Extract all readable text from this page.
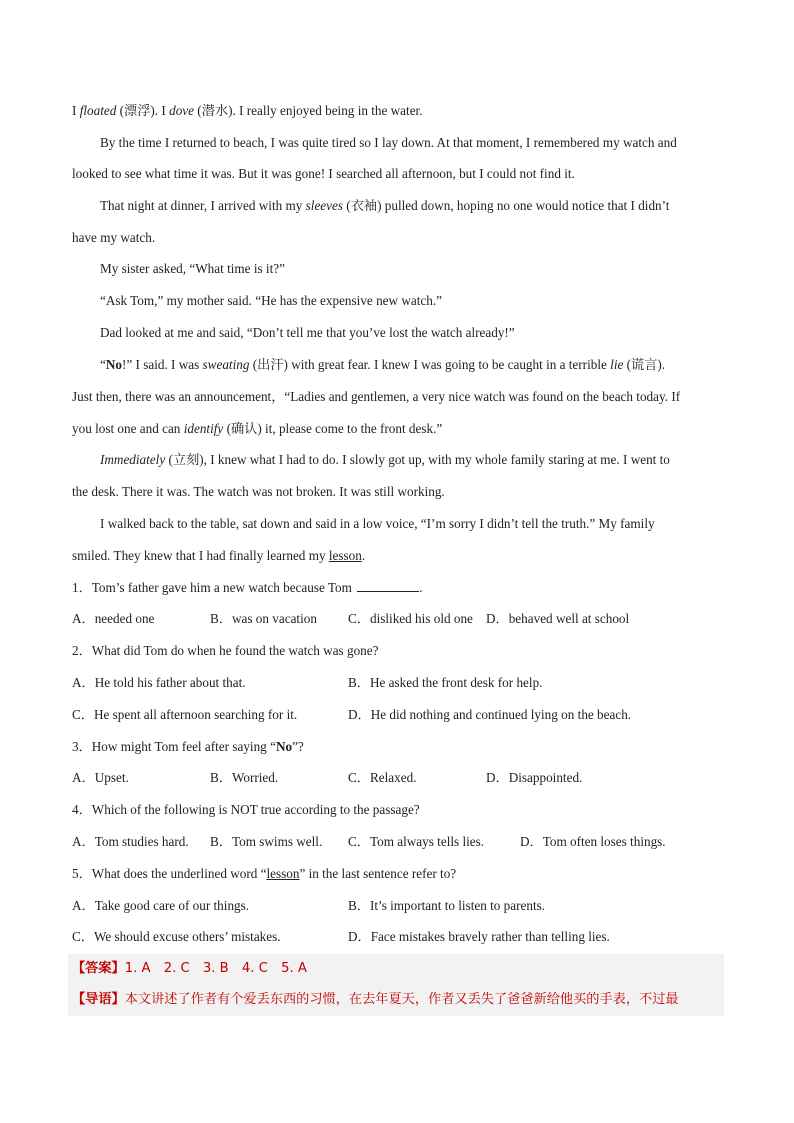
I floated (漂浮). I dove (潜水). I really enjoyed being in the water.
By the time I returned to beach, I was quite tired so I lay down. At that moment, I remembered my watch and
looked to see what time it was. But it was gone! I searched all afternoon, but I could not find it.
That night at dinner, I arrived with my sleeves (衣袖) pulled down, hoping no one would notice that I didn’t
have my watch.
My sister asked, “What time is it?”
“Ask Tom,” my mother said. “He has the expensive new watch.”
Dad looked at me and said, “Don’t tell me that you’ve lost the watch already!”
“No!” I said. I was sweating (出汗) with great fear. I knew I was going to be caught in a terrible lie (谎言).
Just then, there was an announcement，“Ladies and gentlemen, a very nice watch was found on the beach today. If
you lost one and can identify (确认) it, please come to the front desk.”
Immediately (立刻), I knew what I had to do. I slowly got up, with my whole family staring at me. I went to
the desk. There it was. The watch was not broken. It was still working.
I walked back to the table, sat down and said in a low voice, “I’m sorry I didn’t tell the truth.” My family
smiled. They knew that I had finally learned my lesson.
1．Tom’s father gave him a new watch because Tom	.
A．needed one	B．was on vacation C．disliked his old one D．behaved well at school
2．What did Tom do when he found the watch was gone?
A．He told his father about that.	B．He asked the front desk for help.
C．He spent all afternoon searching for it.	D．He did nothing and continued lying on the beach.
3．How might Tom feel after saying “No”?
A．Upset.	B．Worried.	C．Relaxed.	D．Disappointed.
4．Which of the following is NOT true according to the passage?
A．Tom studies hard. B．Tom swims well. C．Tom always tells lies.	D．Tom often loses things.
5．What does the underlined word “lesson” in the last sentence refer to?
A．Take good care of our things.	B．It’s important to listen to parents.
C．We should excuse others’ mistakes.	D．Face mistakes bravely rather than telling lies.
【答案】1. A　2. C　3. B　4. C　5. A
【导语】本文讲述了作者有个爱丢东西的习惯，在去年夏天，作者又丢失了爸爸新给他买的手表，不过最
